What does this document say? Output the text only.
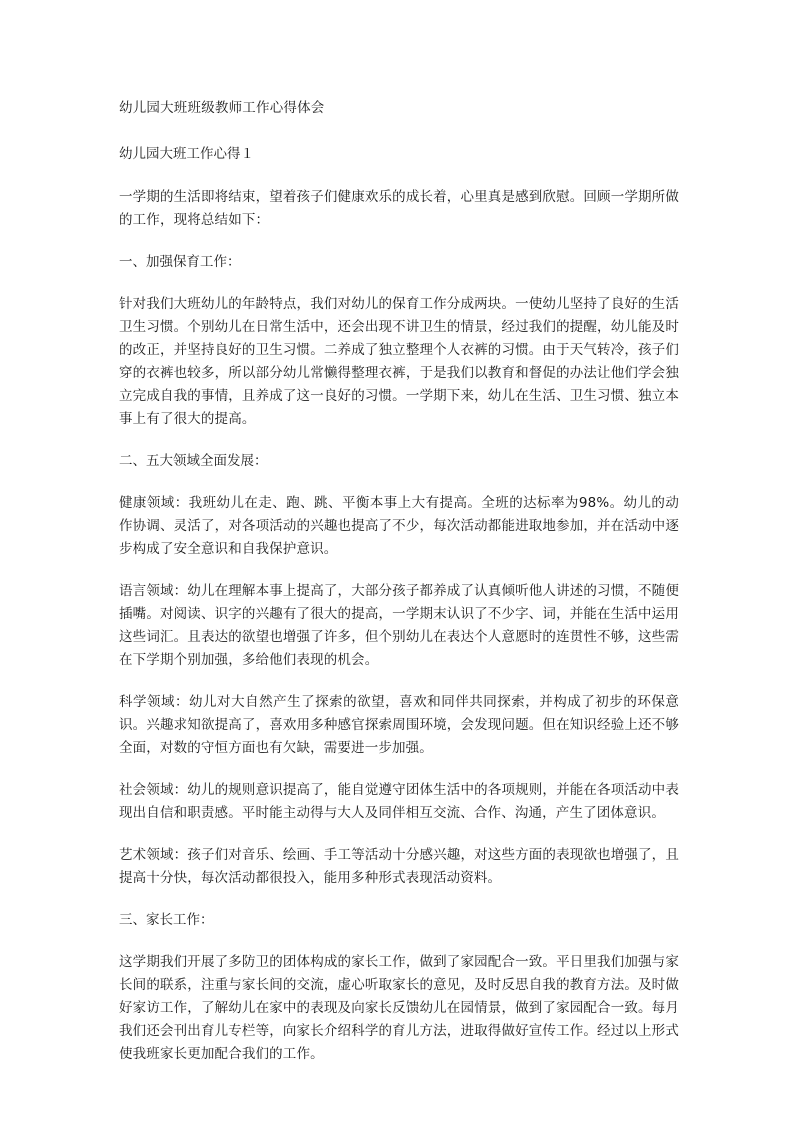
幼儿园大班班级教师工作心得体会
幼儿园大班工作心得１
一学期的生活即将结束，望着孩子们健康欢乐的成长着，心里真是感到欣慰。回顾一学期所做的工作，现将总结如下：
一、加强保育工作：
针对我们大班幼儿的年龄特点，我们对幼儿的保育工作分成两块。一使幼儿坚持了良好的生活卫生习惯。个别幼儿在日常生活中，还会出现不讲卫生的情景，经过我们的提醒，幼儿能及时的改正，并坚持良好的卫生习惯。二养成了独立整理个人衣裤的习惯。由于天气转冷，孩子们穿的衣裤也较多，所以部分幼儿常懒得整理衣裤，于是我们以教育和督促的办法让他们学会独立完成自我的事情，且养成了这一良好的习惯。一学期下来，幼儿在生活、卫生习惯、独立本事上有了很大的提高。
二、五大领域全面发展：
健康领域：我班幼儿在走、跑、跳、平衡本事上大有提高。全班的达标率为98%。幼儿的动作协调、灵活了，对各项活动的兴趣也提高了不少，每次活动都能进取地参加，并在活动中逐步构成了安全意识和自我保护意识。
语言领域：幼儿在理解本事上提高了，大部分孩子都养成了认真倾听他人讲述的习惯，不随便插嘴。对阅读、识字的兴趣有了很大的提高，一学期末认识了不少字、词，并能在生活中运用这些词汇。且表达的欲望也增强了许多，但个别幼儿在表达个人意愿时的连贯性不够，这些需在下学期个别加强，多给他们表现的机会。
科学领域：幼儿对大自然产生了探索的欲望，喜欢和同伴共同探索，并构成了初步的环保意识。兴趣求知欲提高了，喜欢用多种感官探索周围环境，会发现问题。但在知识经验上还不够全面，对数的守恒方面也有欠缺，需要进一步加强。
社会领域：幼儿的规则意识提高了，能自觉遵守团体生活中的各项规则，并能在各项活动中表现出自信和职责感。平时能主动得与大人及同伴相互交流、合作、沟通，产生了团体意识。
艺术领域：孩子们对音乐、绘画、手工等活动十分感兴趣，对这些方面的表现欲也增强了，且提高十分快，每次活动都很投入，能用多种形式表现活动资料。
三、家长工作：
这学期我们开展了多防卫的团体构成的家长工作，做到了家园配合一致。平日里我们加强与家长间的联系，注重与家长间的交流，虚心听取家长的意见，及时反思自我的教育方法。及时做好家访工作，了解幼儿在家中的表现及向家长反馈幼儿在园情景，做到了家园配合一致。每月我们还会刊出育儿专栏等，向家长介绍科学的育儿方法，进取得做好宣传工作。经过以上形式使我班家长更加配合我们的工作。
